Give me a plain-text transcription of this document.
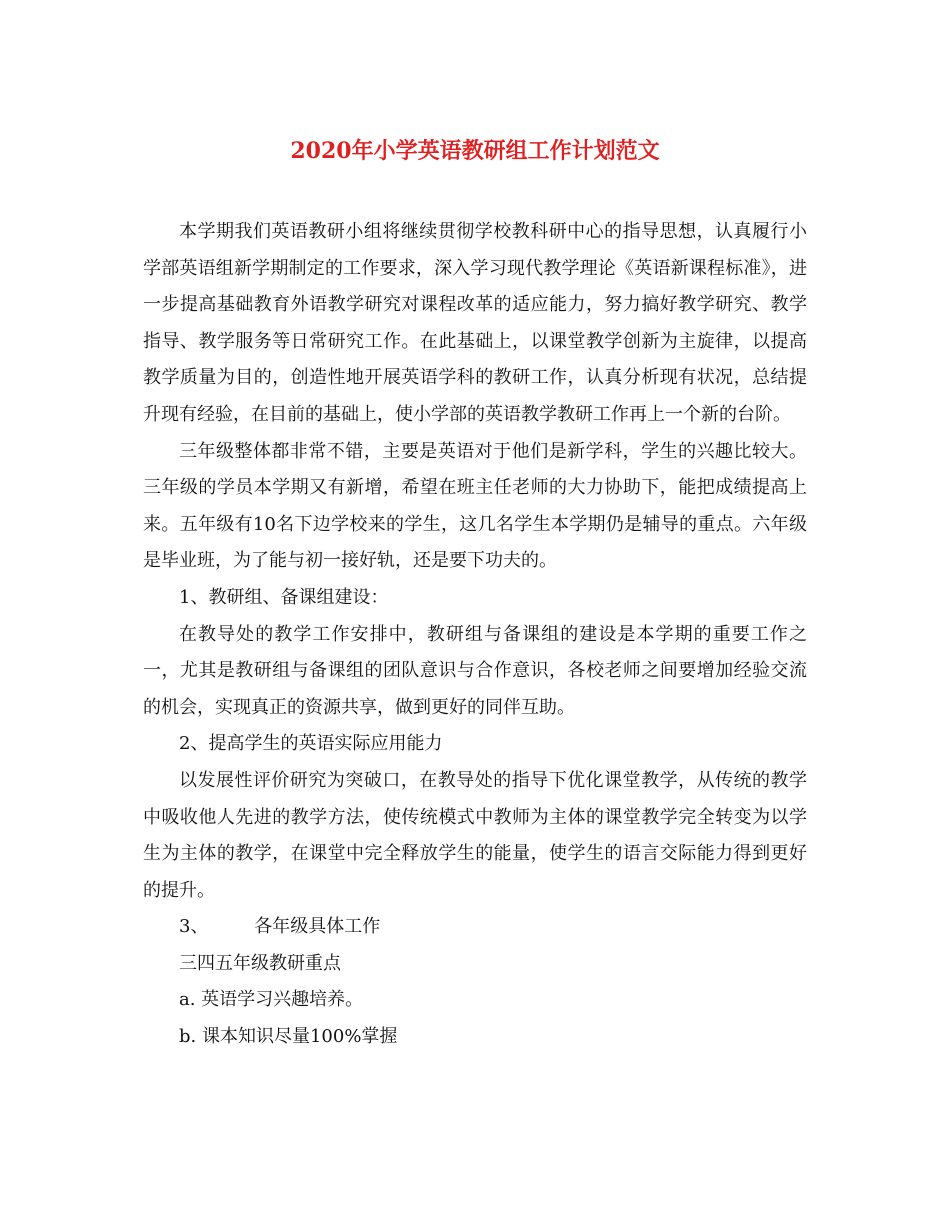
2020年小学英语教研组工作计划范文

本学期我们英语教研小组将继续贯彻学校教科研中心的指导思想，认真履行小学部英语组新学期制定的工作要求，深入学习现代教学理论《英语新课程标准》，进一步提高基础教育外语教学研究对课程改革的适应能力，努力搞好教学研究、教学指导、教学服务等日常研究工作。在此基础上，以课堂教学创新为主旋律，以提高教学质量为目的，创造性地开展英语学科的教研工作，认真分析现有状况，总结提升现有经验，在目前的基础上，使小学部的英语教学教研工作再上一个新的台阶。

三年级整体都非常不错，主要是英语对于他们是新学科，学生的兴趣比较大。三年级的学员本学期又有新增，希望在班主任老师的大力协助下，能把成绩提高上来。五年级有10名下边学校来的学生，这几名学生本学期仍是辅导的重点。六年级是毕业班，为了能与初一接好轨，还是要下功夫的。

1、教研组、备课组建设：

在教导处的教学工作安排中，教研组与备课组的建设是本学期的重要工作之一，尤其是教研组与备课组的团队意识与合作意识，各校老师之间要增加经验交流的机会，实现真正的资源共享，做到更好的同伴互助。

2、提高学生的英语实际应用能力

以发展性评价研究为突破口，在教导处的指导下优化课堂教学，从传统的教学中吸收他人先进的教学方法，使传统模式中教师为主体的课堂教学完全转变为以学生为主体的教学，在课堂中完全释放学生的能量，使学生的语言交际能力得到更好的提升。

3、        各年级具体工作

三四五年级教研重点

a. 英语学习兴趣培养。

b. 课本知识尽量100%掌握
